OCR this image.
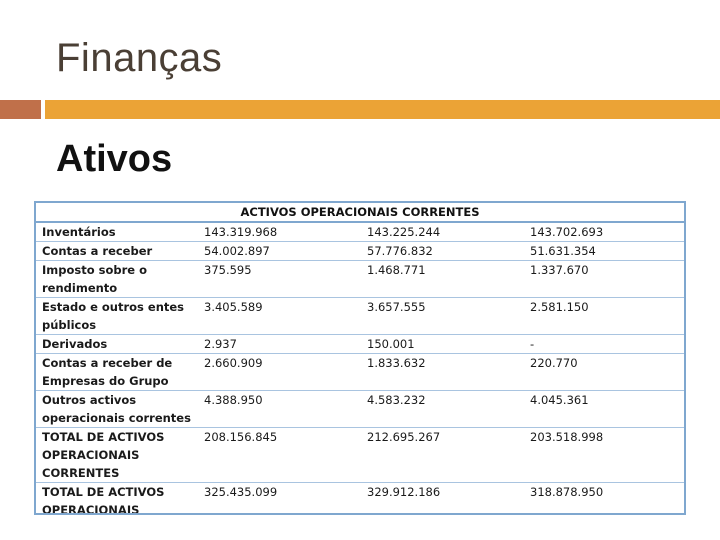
Finanças
Ativos
ACTIVOS OPERACIONAIS CORRENTES			
Inventários	143.319.968	143.225.244	143.702.693
Contas a receber	54.002.897	57.776.832	51.631.354
Imposto sobre o rendimento	375.595	1.468.771	1.337.670
Estado e outros entes públicos	3.405.589	3.657.555	2.581.150
Derivados	2.937	150.001	-
Contas a receber de Empresas do Grupo	2.660.909	1.833.632	220.770
Outros activos operacionais correntes	4.388.950	4.583.232	4.045.361
TOTAL DE ACTIVOS OPERACIONAIS CORRENTES	208.156.845	212.695.267	203.518.998
TOTAL DE ACTIVOS OPERACIONAIS	325.435.099	329.912.186	318.878.950
